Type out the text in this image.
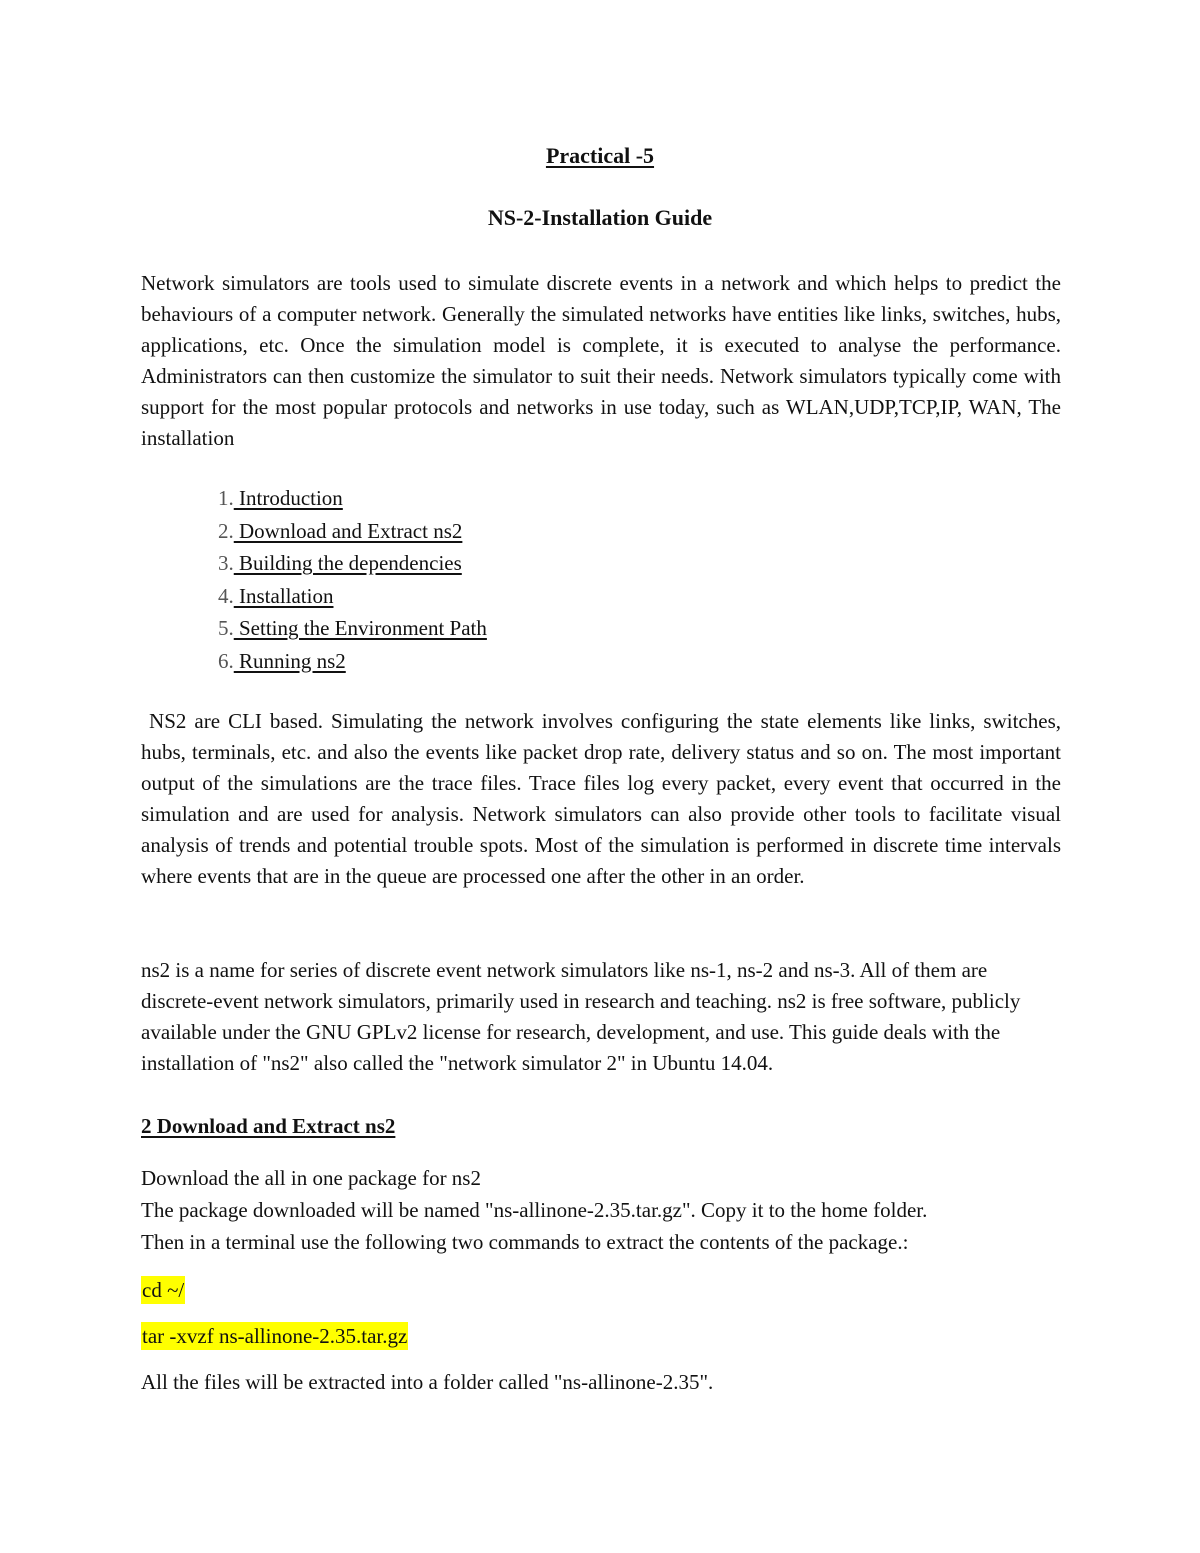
Practical -5

NS-2-Installation Guide

Network simulators are tools used to simulate discrete events in a network and which helps to predict the behaviours of a computer network. Generally the simulated networks have entities like links, switches, hubs, applications, etc. Once the simulation model is complete, it is executed to analyse the performance. Administrators can then customize the simulator to suit their needs. Network simulators typically come with support for the most popular protocols and networks in use today, such as WLAN,UDP,TCP,IP, WAN, The installation

1. Introduction
2. Download and Extract ns2
3. Building the dependencies
4. Installation
5. Setting the Environment Path
6. Running ns2

NS2 are CLI based. Simulating the network involves configuring the state elements like links, switches, hubs, terminals, etc. and also the events like packet drop rate, delivery status and so on. The most important output of the simulations are the trace files. Trace files log every packet, every event that occurred in the simulation and are used for analysis. Network simulators can also provide other tools to facilitate visual analysis of trends and potential trouble spots. Most of the simulation is performed in discrete time intervals where events that are in the queue are processed one after the other in an order.

ns2 is a name for series of discrete event network simulators like ns-1, ns-2 and ns-3. All of them are discrete-event network simulators, primarily used in research and teaching. ns2 is free software, publicly available under the GNU GPLv2 license for research, development, and use. This guide deals with the installation of "ns2" also called the "network simulator 2" in Ubuntu 14.04.

2 Download and Extract ns2

Download the all in one package for ns2

The package downloaded will be named "ns-allinone-2.35.tar.gz". Copy it to the home folder.

Then in a terminal use the following two commands to extract the contents of the package.:

cd ~/

tar -xvzf ns-allinone-2.35.tar.gz

All the files will be extracted into a folder called "ns-allinone-2.35".
